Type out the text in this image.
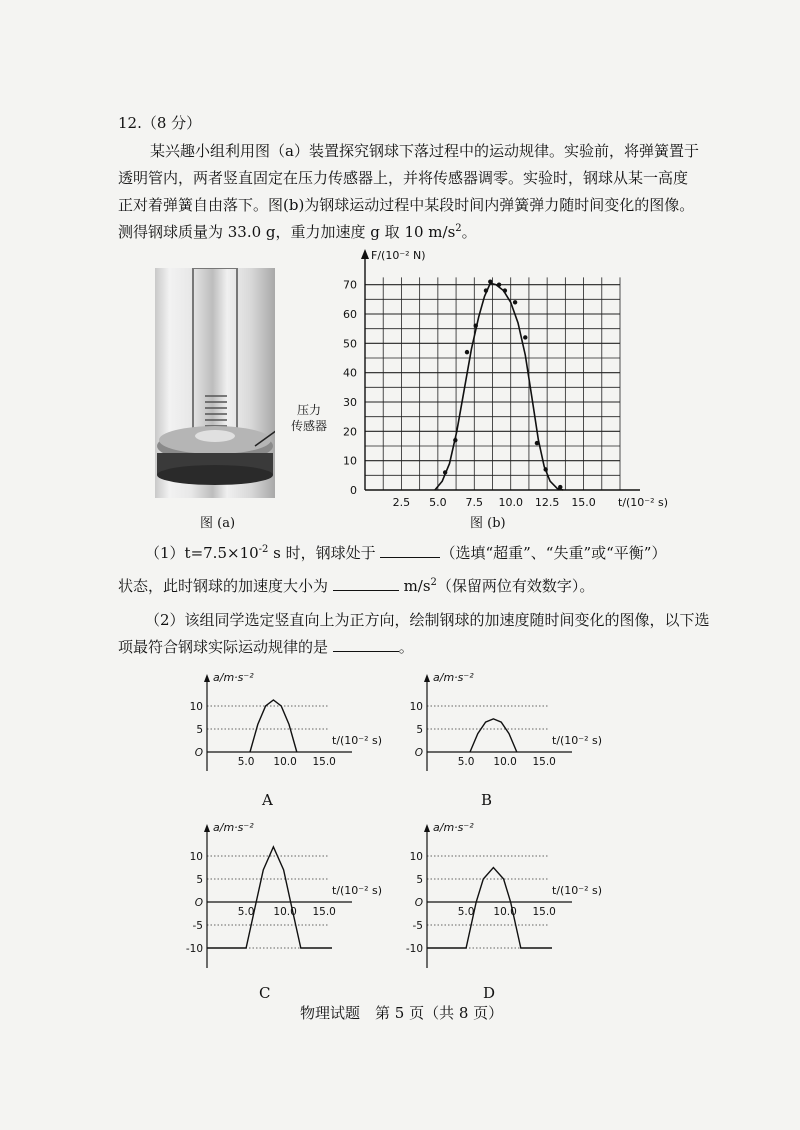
12.（8 分）
某兴趣小组利用图（a）装置探究钢球下落过程中的运动规律。实验前，将弹簧置于
透明管内，两者竖直固定在压力传感器上，并将传感器调零。实验时，钢球从某一高度
正对着弹簧自由落下。图(b)为钢球运动过程中某段时间内弹簧弹力随时间变化的图像。
测得钢球质量为 33.0 g，重力加速度 g 取 10 $m/s^2$。
压力
传感器
图 (a)
0
10
20
30
40
50
60
70
2.5 5.0 7.5 10.0 12.5 15.0
F/(10⁻² N)
t/(10⁻² s)
图 (b)
$(1)t=7.5\times 10^{-2}$ s 时，钢球处于	（选填“超重”、“失重”或“平衡”）
状态，此时钢球的加速度大小为	$m/s^2$（保留两位有效数字）。
（2）该组同学选定竖直向上为正方向，绘制钢球的加速度随时间变化的图像，以下选
项最符合钢球实际运动规律的是	。
O
5
10
5.0 10.0 15.0
a/m·s⁻²
t/(10⁻² s)
O
5
10
5.0 10.0 15.0
a/m·s⁻²
t/(10⁻² s)
-10
-5
O
5
10
5.0 10.0 15.0
a/m·s⁻²
t/(10⁻² s)
-10
-5
O
5
10
5.0 10.0 15.0
a/m·s⁻²
t/(10⁻² s)
A	B
C	D
物理试题　第 5 页（共 8 页）
